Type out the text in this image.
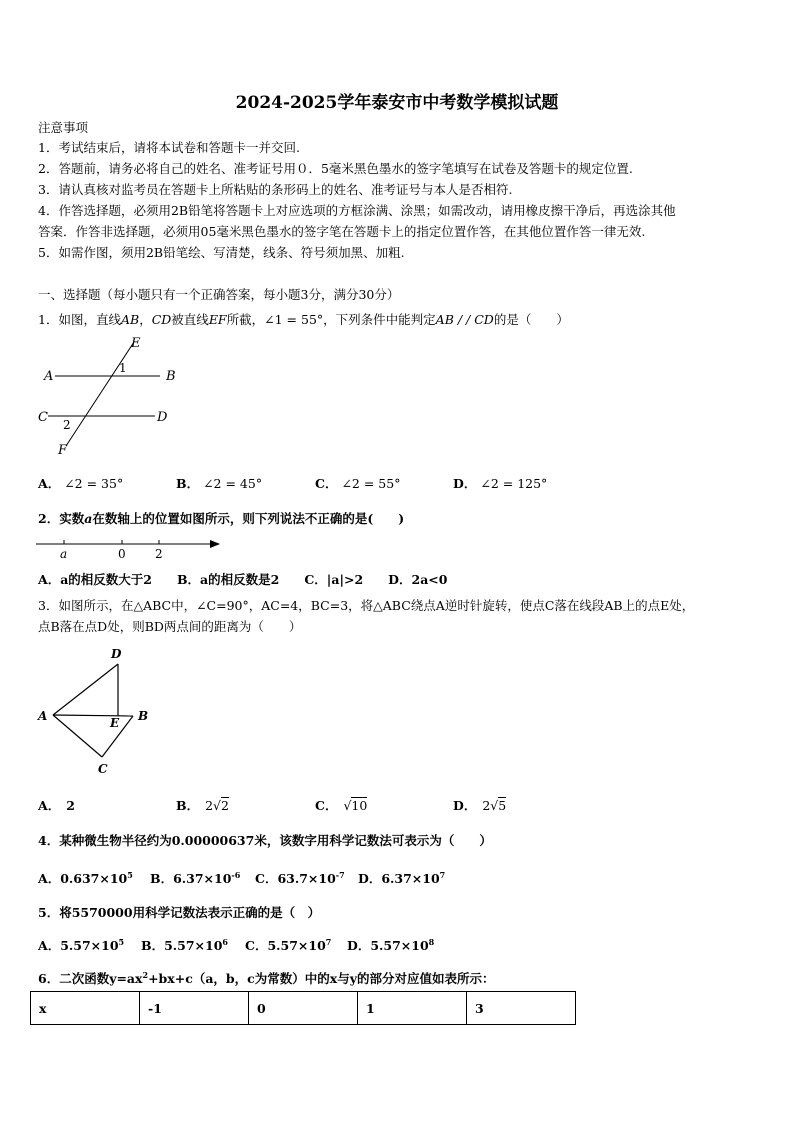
2024-2025学年泰安市中考数学模拟试题
注意事项
1．考试结束后，请将本试卷和答题卡一并交回.
2．答题前，请务必将自己的姓名、准考证号用０．5毫米黑色墨水的签字笔填写在试卷及答题卡的规定位置.
3．请认真核对监考员在答题卡上所粘贴的条形码上的姓名、准考证号与本人是否相符.
4．作答选择题，必须用2B铅笔将答题卡上对应选项的方框涂满、涂黑；如需改动，请用橡皮擦干净后，再选涂其他
答案．作答非选择题，必须用05毫米黑色墨水的签字笔在答题卡上的指定位置作答，在其他位置作答一律无效.
5．如需作图，须用2B铅笔绘、写清楚，线条、符号须加黑、加粗.
一、选择题（每小题只有一个正确答案，每小题3分，满分30分）
1．如图，直线AB，CD被直线EF所截，∠1 = 55°，下列条件中能判定AB / / CD的是（　　）
E
A	B
C	D
F
1
2
A． ∠2 = 35°	B． ∠2 = 45°	C． ∠2 = 55°	D． ∠2 = 125°
2．实数a在数轴上的位置如图所示，则下列说法不正确的是(　　)
a	0 2
A．a的相反数大于2　　B．a的相反数是2　　C．|a|>2　　D．2a<0
3．如图所示，在△ABC中，∠C=90°，AC=4，BC=3，将△ABC绕点A逆时针旋转，使点C落在线段AB上的点E处，
点B落在点D处，则BD两点间的距离为（　　）
D
A	E B
C
A． 2	B． 2√2	C． √10	D． 2√5
4．某种微生物半径约为0.00000637米，该数字用科学记数法可表示为（　　）
A．$0.637\times 10^5$ B．$6.37\times 10^{-6}$ C．$63.7\times 10^{-7}$ D．$6.37\times 10^7$
5．将5570000用科学记数法表示正确的是（　）
A．$5.57\times 10^5$ B．$5.57\times 10^6$ C．$5.57\times 10^7$ D．$5.57\times 10^8$
6．二次函数$y=ax^2+bx+c(a$，b，c为常数）中的x与y的部分对应值如表所示：
x	-1	0	1	3
